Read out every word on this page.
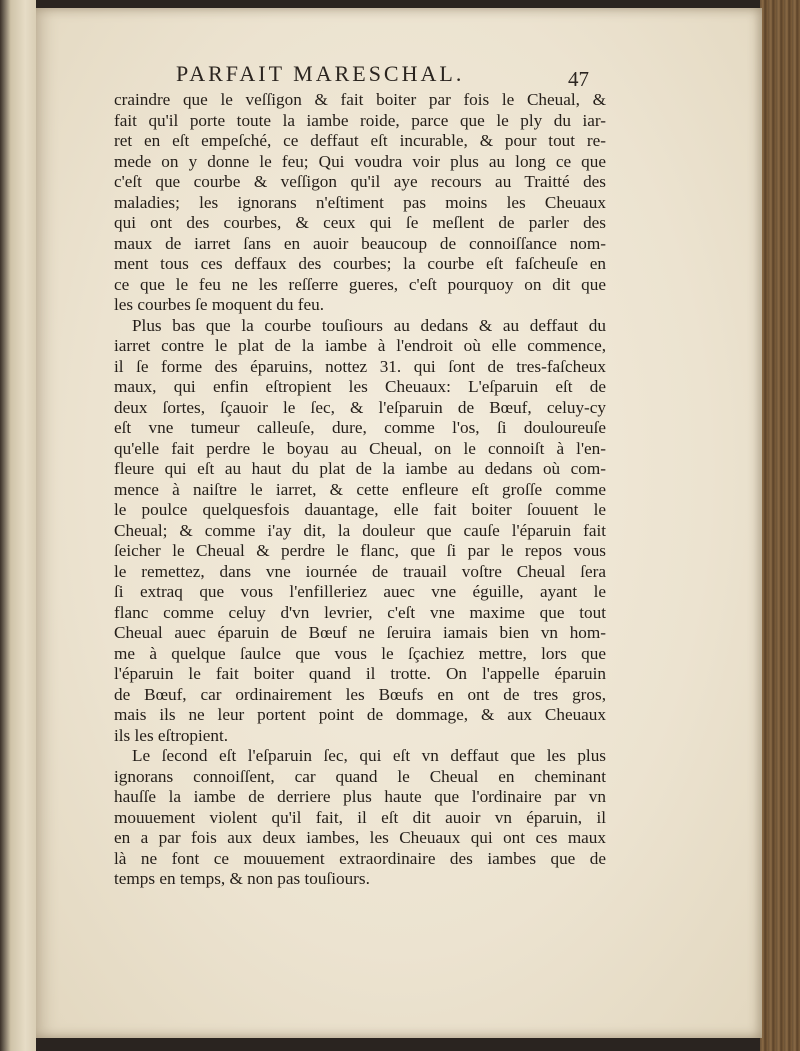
PARFAIT MARESCHAL.	47

craindre que le veſſigon & fait boiter par fois le Cheual, &
fait qu'il porte toute la iambe roide, parce que le ply du iar-
ret en eſt empeſché, ce deffaut eſt incurable, & pour tout re-
mede on y donne le feu; Qui voudra voir plus au long ce que
c'eſt que courbe & veſſigon qu'il aye recours au Traitté des
maladies; les ignorans n'eſtiment pas moins les Cheuaux
qui ont des courbes, & ceux qui ſe meſlent de parler des
maux de iarret ſans en auoir beaucoup de connoiſſance nom-
ment tous ces deffaux des courbes; la courbe eſt faſcheuſe en
ce que le feu ne les reſſerre gueres, c'eſt pourquoy on dit que
les courbes ſe moquent du feu.

Plus bas que la courbe touſiours au dedans & au deffaut du
iarret contre le plat de la iambe à l'endroit où elle commence,
il ſe forme des éparuins, nottez 31. qui ſont de tres-faſcheux
maux, qui enfin eſtropient les Cheuaux: L'eſparuin eſt de
deux ſortes, ſçauoir le ſec, & l'eſparuin de Bœuf, celuy-cy
eſt vne tumeur calleuſe, dure, comme l'os, ſi douloureuſe
qu'elle fait perdre le boyau au Cheual, on le connoiſt à l'en-
fleure qui eſt au haut du plat de la iambe au dedans où com-
mence à naiſtre le iarret, & cette enfleure eſt groſſe comme
le poulce quelquesfois dauantage, elle fait boiter ſouuent le
Cheual; & comme i'ay dit, la douleur que cauſe l'éparuin fait
ſeicher le Cheual & perdre le flanc, que ſi par le repos vous
le remettez, dans vne iournée de trauail voſtre Cheual ſera
ſi extraq que vous l'enfilleriez auec vne éguille, ayant le
flanc comme celuy d'vn levrier, c'eſt vne maxime que tout
Cheual auec éparuin de Bœuf ne ſeruira iamais bien vn hom-
me à quelque ſaulce que vous le ſçachiez mettre, lors que
l'éparuin le fait boiter quand il trotte. On l'appelle éparuin
de Bœuf, car ordinairement les Bœufs en ont de tres gros,
mais ils ne leur portent point de dommage, & aux Cheuaux
ils les eſtropient.

Le ſecond eſt l'eſparuin ſec, qui eſt vn deffaut que les plus
ignorans connoiſſent, car quand le Cheual en cheminant
hauſſe la iambe de derriere plus haute que l'ordinaire par vn
mouuement violent qu'il fait, il eſt dit auoir vn éparuin, il
en a par fois aux deux iambes, les Cheuaux qui ont ces maux
là ne font ce mouuement extraordinaire des iambes que de
temps en temps, & non pas touſiours.
